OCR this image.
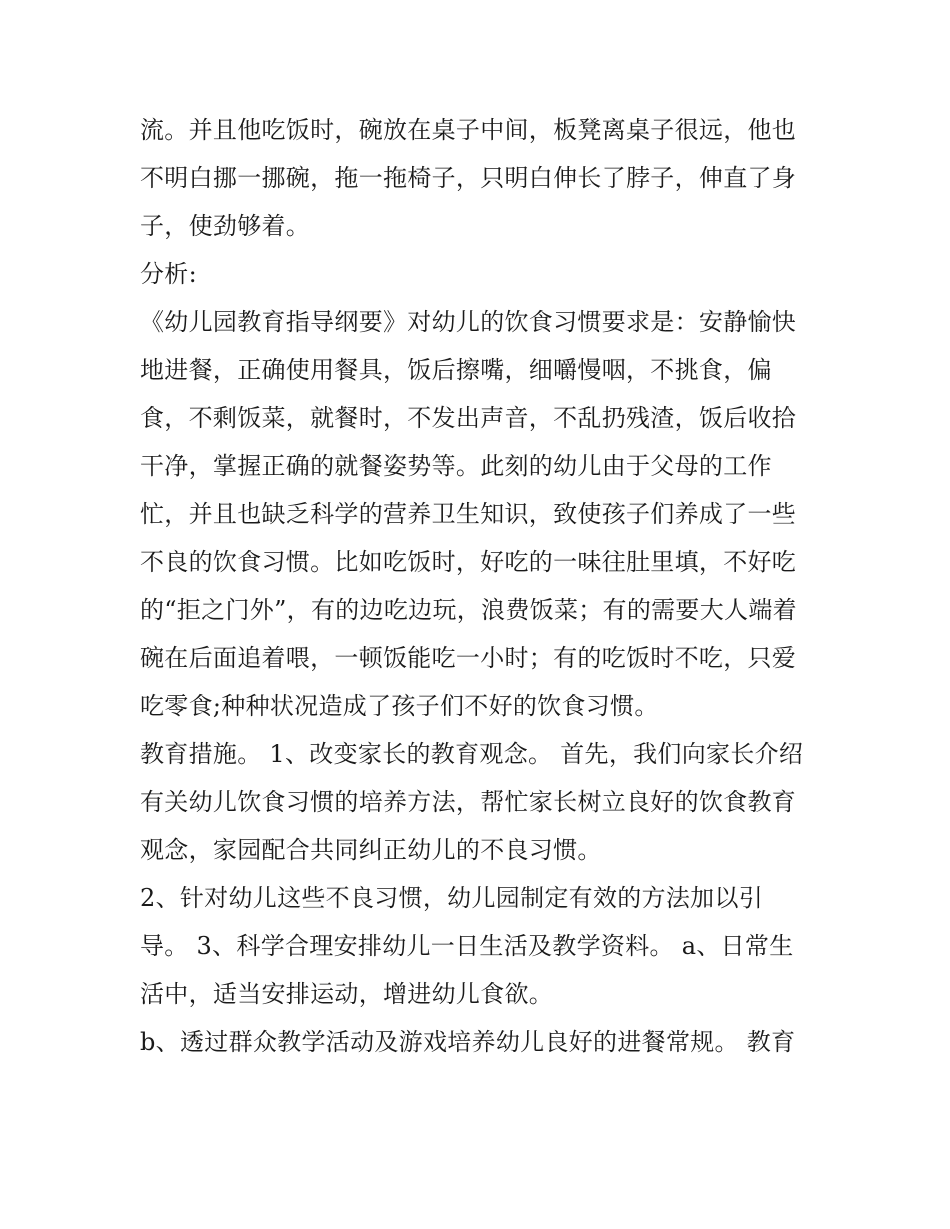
流。并且他吃饭时，碗放在桌子中间，板凳离桌子很远，他也
不明白挪一挪碗，拖一拖椅子，只明白伸长了脖子，伸直了身
子，使劲够着。
分析:
《幼儿园教育指导纲要》对幼儿的饮食习惯要求是：安静愉快
地进餐，正确使用餐具，饭后擦嘴，细嚼慢咽，不挑食，偏
食，不剩饭菜，就餐时，不发出声音，不乱扔残渣，饭后收拾
干净，掌握正确的就餐姿势等。此刻的幼儿由于父母的工作
忙，并且也缺乏科学的营养卫生知识，致使孩子们养成了一些
不良的饮食习惯。比如吃饭时，好吃的一味往肚里填，不好吃
的“拒之门外”，有的边吃边玩，浪费饭菜；有的需要大人端着
碗在后面追着喂，一顿饭能吃一小时；有的吃饭时不吃，只爱
吃零食;种种状况造成了孩子们不好的饮食习惯。
教育措施。 1、改变家长的教育观念。 首先，我们向家长介绍
有关幼儿饮食习惯的培养方法，帮忙家长树立良好的饮食教育
观念，家园配合共同纠正幼儿的不良习惯。
2、针对幼儿这些不良习惯，幼儿园制定有效的方法加以引
导。 3、科学合理安排幼儿一日生活及教学资料。 a、日常生
活中，适当安排运动，增进幼儿食欲。
b、透过群众教学活动及游戏培养幼儿良好的进餐常规。 教育
